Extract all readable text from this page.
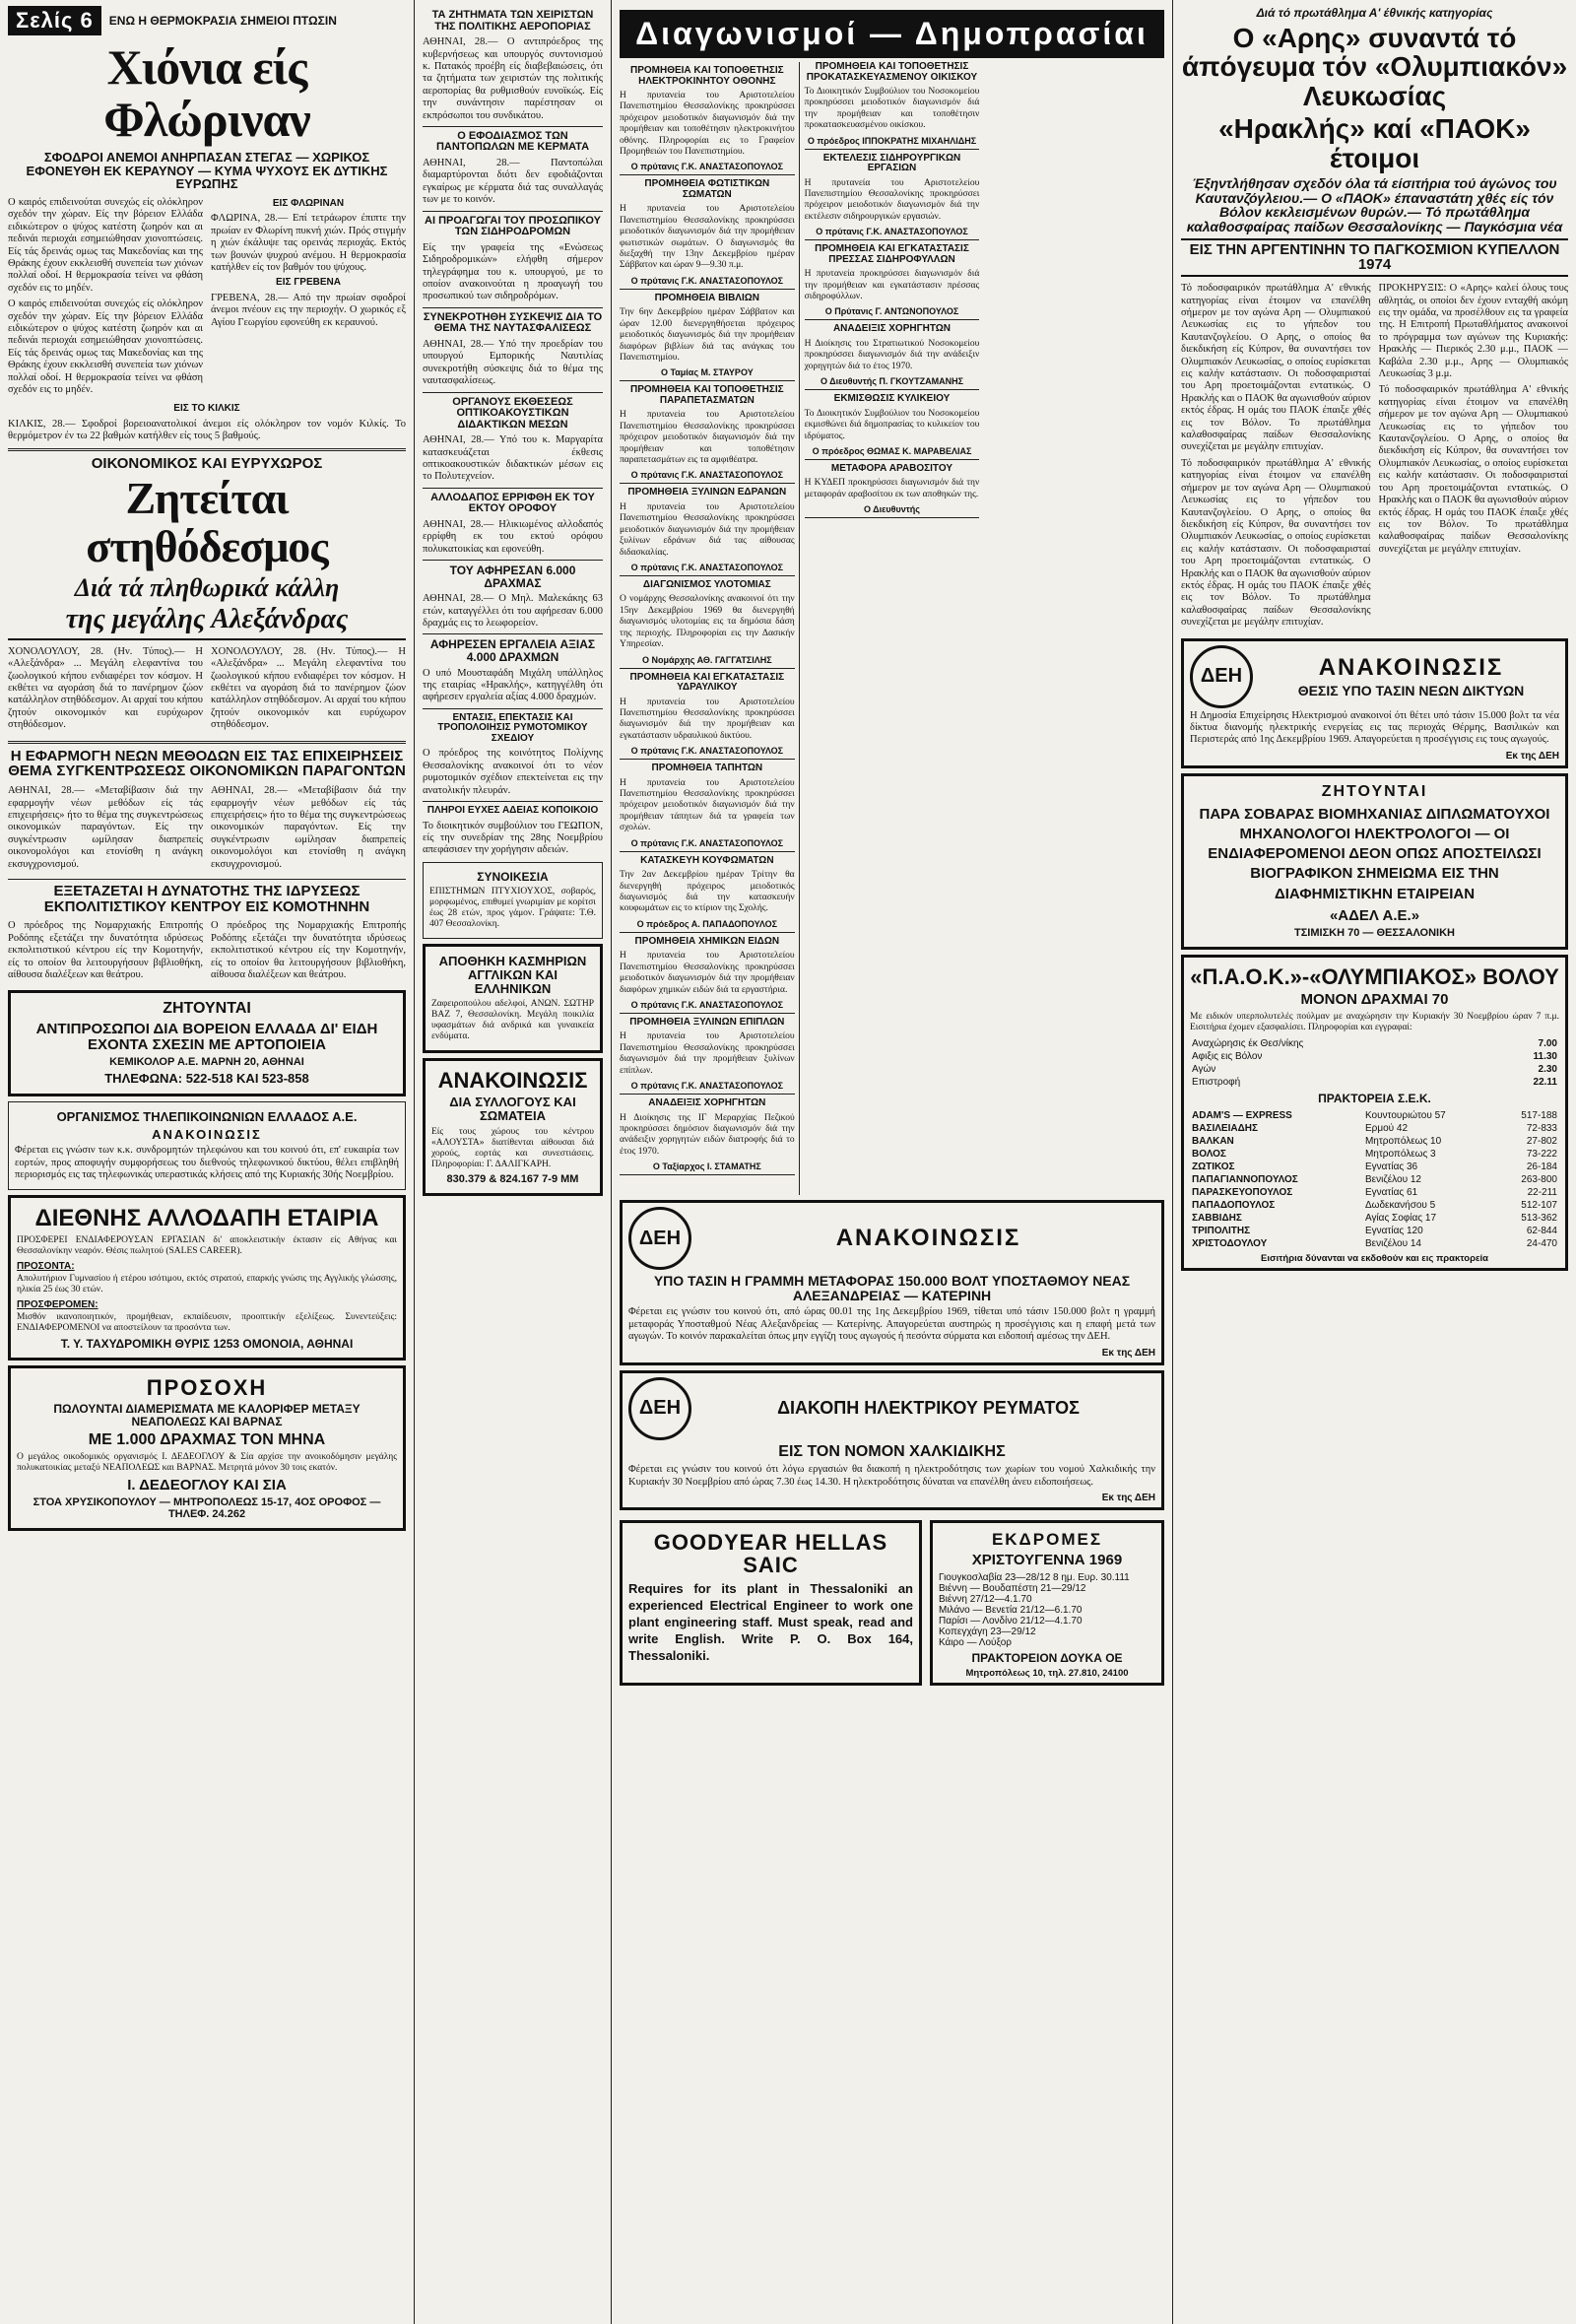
Σελίς 6	ΕΝΩ Η ΘΕΡΜΟΚΡΑΣΙΑ ΣΗΜΕΙΟΙ ΠΤΩΣΙΝ
Χιόνια είς Φλώριναν
ΣΦΟΔΡΟΙ ΑΝΕΜΟΙ ΑΝΗΡΠΑΣΑΝ ΣΤΕΓΑΣ — ΧΩΡΙΚΟΣ ΕΦΟΝΕΥΘΗ ΕΚ ΚΕΡΑΥΝΟΥ — ΚΥΜΑ ΨΥΧΟΥΣ ΕΚ ΔΥΤΙΚΗΣ ΕΥΡΩΠΗΣ

Ο καιρός επιδεινούται συνεχώς είς ολόκληρον σχεδόν την χώραν. Είς την βόρειον Ελλάδα ειδικώτερον ο ψύχος κατέστη ζωηρόν και αι πεδινάι περιοχάι εσημειώθησαν χιονοπτώσεις. Είς τάς δρεινάς ομως τας Μακεδονίας και της Θράκης έχουν εκκλεισθή συνεπεία των χιόνων πολλαί οδοί. Η θερμοκρασία τείνει να φθάση σχεδόν εις το μηδέν.

Ο καιρός επιδεινούται συνεχώς είς ολόκληρον σχεδόν την χώραν. Είς την βόρειον Ελλάδα ειδικώτερον ο ψύχος κατέστη ζωηρόν και αι πεδινάι περιοχάι εσημειώθησαν χιονοπτώσεις. Είς τάς δρεινάς ομως τας Μακεδονίας και της Θράκης έχουν εκκλεισθή συνεπεία των χιόνων πολλαί οδοί. Η θερμοκρασία τείνει να φθάση σχεδόν εις το μηδέν.

ΕΙΣ ΦΛΩΡΙΝΑΝ

ΦΛΩΡΙΝΑ, 28.— Επί τετράωρον έπιπτε την πρωίαν εν Φλωρίνη πυκνή χιών. Πρός στιγμήν η χιών έκάλυψε τας ορεινάς περιοχάς. Εκτός των βουνών ψυχρού ανέμου. Η θερμοκρασία κατήλθεν είς τον βαθμόν του ψύχους.

ΕΙΣ ΓΡΕΒΕΝΑ

ΓΡΕΒΕΝΑ, 28.— Από την πρωίαν σφοδροί άνεμοι πνέουν εις την περιοχήν. Ο χωρικός εξ Αγίου Γεωργίου εφονεύθη εκ κεραυνού.

ΕΙΣ ΤΟ ΚΙΛΚΙΣ

ΚΙΛΚΙΣ, 28.— Σφοδροί βορειοανατολικοί άνεμοι είς ολόκληρον τον νομόν Κιλκίς. Το θερμόμετρον έν τω 22 βαθμών κατήλθεν είς τους 5 βαθμούς.

ΟΙΚΟΝΟΜΙΚΟΣ ΚΑΙ ΕΥΡΥΧΩΡΟΣ
Ζητείται στηθόδεσμος
Διά τά πληθωρικά κάλλη
της μεγάλης Αλεξάνδρας

ΧΟΝΟΛΟΥΛΟΥ, 28. (Ην. Τύπος).— Η «Αλεξάνδρα» ... Μεγάλη ελεφαντίνα του ζωολογικού κήπου ενδιαφέρει τον κόσμον. Η εκθέτει να αγοράση διά το πανέρημον ζώον κατάλληλον στηθόδεσμον. Αι αρχαί του κήπου ζητούν οικονομικόν και ευρύχωρον στηθόδεσμον.

ΧΟΝΟΛΟΥΛΟΥ, 28. (Ην. Τύπος).— Η «Αλεξάνδρα» ... Μεγάλη ελεφαντίνα του ζωολογικού κήπου ενδιαφέρει τον κόσμον. Η εκθέτει να αγοράση διά το πανέρημον ζώον κατάλληλον στηθόδεσμον. Αι αρχαί του κήπου ζητούν οικονομικόν και ευρύχωρον στηθόδεσμον.

Η ΕΦΑΡΜΟΓΗ ΝΕΩΝ ΜΕΘΟΔΩΝ ΕΙΣ ΤΑΣ ΕΠΙΧΕΙΡΗΣΕΙΣ ΘΕΜΑ ΣΥΓΚΕΝΤΡΩΣΕΩΣ ΟΙΚΟΝΟΜΙΚΩΝ ΠΑΡΑΓΟΝΤΩΝ

ΑΘΗΝΑΙ, 28.— «Μεταβίβασιν διά την εφαρμογήν νέων μεθόδων είς τάς επιχειρήσεις» ήτο το θέμα της συγκεντρώσεως οικονομικών παραγόντων. Είς την συγκέντρωσιν ωμίλησαν διαπρεπείς οικονομολόγοι και ετονίσθη η ανάγκη εκσυγχρονισμού.

ΑΘΗΝΑΙ, 28.— «Μεταβίβασιν διά την εφαρμογήν νέων μεθόδων είς τάς επιχειρήσεις» ήτο το θέμα της συγκεντρώσεως οικονομικών παραγόντων. Είς την συγκέντρωσιν ωμίλησαν διαπρεπείς οικονομολόγοι και ετονίσθη η ανάγκη εκσυγχρονισμού.

ΕΞΕΤΑΖΕΤΑΙ Η ΔΥΝΑΤΟΤΗΣ ΤΗΣ ΙΔΡΥΣΕΩΣ ΕΚΠΟΛΙΤΙΣΤΙΚΟΥ ΚΕΝΤΡΟΥ ΕΙΣ ΚΟΜΟΤΗΝΗΝ

Ο πρόεδρος της Νομαρχιακής Επιτροπής Ροδόπης εξετάζει την δυνατότητα ιδρύσεως εκπολιτιστικού κέντρου είς την Κομοτηνήν, είς το οποίον θα λειτουργήσουν βιβλιοθήκη, αίθουσα διαλέξεων και θεάτρου.

Ο πρόεδρος της Νομαρχιακής Επιτροπής Ροδόπης εξετάζει την δυνατότητα ιδρύσεως εκπολιτιστικού κέντρου είς την Κομοτηνήν, είς το οποίον θα λειτουργήσουν βιβλιοθήκη, αίθουσα διαλέξεων και θεάτρου.

ΖΗΤΟΥΝΤΑΙ
ΑΝΤΙΠΡΟΣΩΠΟΙ ΔΙΑ ΒΟΡΕΙΟΝ ΕΛΛΑΔΑ ΔΙ' ΕΙΔΗ ΕΧΟΝΤΑ ΣΧΕΣΙΝ ΜΕ ΑΡΤΟΠΟΙΕΙΑ
ΚΕΜΙΚΟΛΟΡ Α.Ε. ΜΑΡΝΗ 20, ΑΘΗΝΑΙ
ΤΗΛΕΦΩΝΑ: 522-518 ΚΑΙ 523-858
ΟΡΓΑΝΙΣΜΟΣ ΤΗΛΕΠΙΚΟΙΝΩΝΙΩΝ ΕΛΛΑΔΟΣ Α.Ε.
ΑΝΑΚΟΙΝΩΣΙΣ

Φέρεται εις γνώσιν των κ.κ. συνδρομητών τηλεφώνου και του κοινού ότι, επ' ευκαιρία των εορτών, προς αποφυγήν συμφορήσεως του διεθνούς τηλεφωνικού δικτύου, θέλει επιβληθή περιορισμός εις τας τηλεφωνικάς υπεραστικάς κλήσεις από της Κυριακής 30ής Νοεμβρίου.

ΔΙΕΘΝΗΣ ΑΛΛΟΔΑΠΗ ΕΤΑΙΡΙΑ

ΠΡΟΣΦΕΡΕΙ ΕΝΔΙΑΦΕΡΟΥΣΑΝ ΕΡΓΑΣΙΑΝ δι' αποκλειστικήν έκτασιν είς Αθήνας και Θεσσαλονίκην νεαρόν. Θέσις πωλητού (SALES CAREER).

ΠΡΟΣΟΝΤΑ:

Απολυτήριον Γυμνασίου ή ετέρου ισότιμου, εκτός στρατού, επαρκής γνώσις της Αγγλικής γλώσσης, ηλικία 25 έως 30 ετών.

ΠΡΟΣΦΕΡΟΜΕΝ:

Μισθόν ικανοποιητικόν, προμήθειαν, εκπαίδευσιν, προοπτικήν εξελίξεως. Συνεντεύξεις: ΕΝΔΙΑΦΕΡΟΜΕΝΟΙ να αποστείλουν τα προσόντα των.

Τ. Υ. ΤΑΧΥΔΡΟΜΙΚΗ ΘΥΡΙΣ 1253 ΟΜΟΝΟΙΑ, ΑΘΗΝΑΙ
ΠΡΟΣΟΧΗ
ΠΩΛΟΥΝΤΑΙ ΔΙΑΜΕΡΙΣΜΑΤΑ ΜΕ ΚΑΛΟΡΙΦΕΡ ΜΕΤΑΞΥ ΝΕΑΠΟΛΕΩΣ ΚΑΙ ΒΑΡΝΑΣ
ΜΕ 1.000 ΔΡΑΧΜΑΣ ΤΟΝ ΜΗΝΑ

Ο μεγάλος οικοδομικός οργανισμός Ι. ΔΕΔΕΟΓΛΟΥ & Σία αρχίσε την ανοικοδόμησιν μεγάλης πολυκατοικίας μεταξύ ΝΕΑΠΟΛΕΩΣ και ΒΑΡΝΑΣ. Μετρητά μόνον 30 τοις εκατόν.

Ι. ΔΕΔΕΟΓΛΟΥ ΚΑΙ ΣΙΑ
ΣΤΟΑ ΧΡΥΣΙΚΟΠΟΥΛΟΥ — ΜΗΤΡΟΠΟΛΕΩΣ 15-17, 4ΟΣ ΟΡΟΦΟΣ — ΤΗΛΕΦ. 24.262
ΤΑ ΖΗΤΗΜΑΤΑ ΤΩΝ ΧΕΙΡΙΣΤΩΝ ΤΗΣ ΠΟΛΙΤΙΚΗΣ ΑΕΡΟΠΟΡΙΑΣ

ΑΘΗΝΑΙ, 28.— Ο αντιπρόεδρος της κυβερνήσεως και υπουργός συντονισμού κ. Πατακός προέβη είς διαβεβαιώσεις, ότι τα ζητήματα των χειριστών της πολιτικής αεροπορίας θα ρυθμισθούν ευνοϊκώς. Είς την συνάντησιν παρέστησαν οι εκπρόσωποι του συνδικάτου.

Ο ΕΦΟΔΙΑΣΜΟΣ ΤΩΝ ΠΑΝΤΟΠΩΛΩΝ ΜΕ ΚΕΡΜΑΤΑ

ΑΘΗΝΑΙ, 28.— Παντοπώλαι διαμαρτύρονται διότι δεν εφοδιάζονται εγκαίρως με κέρματα διά τας συναλλαγάς των με το κοινόν.

ΑΙ ΠΡΟΑΓΩΓΑΙ ΤΟΥ ΠΡΟΣΩΠΙΚΟΥ ΤΩΝ ΣΙΔΗΡΟΔΡΟΜΩΝ

Είς την γραφεία της «Ενώσεως Σιδηροδρομικών» ελήφθη σήμερον τηλεγράφημα του κ. υπουργού, με το οποίον ανακοινούται η προαγωγή του προσωπικού των σιδηροδρόμων.

ΣΥΝΕΚΡΟΤΗΘΗ ΣΥΣΚΕΨΙΣ ΔΙΑ ΤΟ ΘΕΜΑ ΤΗΣ ΝΑΥΤΑΣΦΑΛΙΣΕΩΣ

ΑΘΗΝΑΙ, 28.— Υπό την προεδρίαν του υπουργού Εμπορικής Ναυτιλίας συνεκροτήθη σύσκεψις διά το θέμα της ναυτασφαλίσεως.

ΟΡΓΑΝΟΥΣ ΕΚΘΕΣΕΩΣ ΟΠΤΙΚΟΑΚΟΥΣΤΙΚΩΝ ΔΙΔΑΚΤΙΚΩΝ ΜΕΣΩΝ

ΑΘΗΝΑΙ, 28.— Υπό του κ. Μαργαρίτα κατασκευάζεται έκθεσις οπτικοακουστικών διδακτικών μέσων εις το Πολυτεχνείον.

ΑΛΛΟΔΑΠΟΣ ΕΡΡΙΦΘΗ ΕΚ ΤΟΥ ΕΚΤΟΥ ΟΡΟΦΟΥ

ΑΘΗΝΑΙ, 28.— Ηλικιωμένος αλλοδαπός ερρίφθη εκ του εκτού ορόφου πολυκατοικίας και εφονεύθη.

ΤΟΥ ΑΦΗΡΕΣΑΝ 6.000 ΔΡΑΧΜΑΣ

ΑΘΗΝΑΙ, 28.— Ο Μηλ. Μαλεκάκης 63 ετών, καταγγέλλει ότι του αφήρεσαν 6.000 δραχμάς εις το λεωφορείον.

ΑΦΗΡΕΣΕΝ ΕΡΓΑΛΕΙΑ ΑΞΙΑΣ 4.000 ΔΡΑΧΜΩΝ

Ο υπό Μουσταφάδη Μιχάλη υπάλληλος της εταιρίας «Ηρακλής», κατηγγέλθη ότι αφήρεσεν εργαλεία αξίας 4.000 δραχμών.

ΕΝΤΑΣΙΣ, ΕΠΕΚΤΑΣΙΣ ΚΑΙ ΤΡΟΠΟΛΟΙΗΣΙΣ ΡΥΜΟΤΟΜΙΚΟΥ ΣΧΕΔΙΟΥ

Ο πρόεδρος της κοινότητος Πολίχνης Θεσσαλονίκης ανακοινοί ότι το νέον ρυμοτομικόν σχέδιον επεκτείνεται εις την ανατολικήν πλευράν.

ΠΛΗΡΟΙ ΕΥΧΕΣ ΑΔΕΙΑΣ ΚΟΠΟΙΚΟΙΟ

Το διοικητικόν συμβούλιον του ΓΕΩΠΟΝ, είς την συνεδρίαν της 28ης Νοεμβρίου απεφάσισεν την χορήγησιν αδειών.

ΣΥΝΟΙΚΕΣΙΑ

ΕΠΙΣΤΗΜΩΝ ΠΤΥΧΙΟΥΧΟΣ, σοβαρός, μορφωμένος, επιθυμεί γνωριμίαν με κορίτσι έως 28 ετών, προς γάμον. Γράψατε: Τ.Θ. 407 Θεσσαλονίκη.

ΑΠΟΘΗΚΗ ΚΑΣΜΗΡΙΩΝ ΑΓΓΛΙΚΩΝ ΚΑΙ ΕΛΛΗΝΙΚΩΝ

Ζαφειροπούλου αδελφοί, ΑΝΩΝ. ΣΩΤΗΡ ΒΑΖ 7, Θεσσαλονίκη. Μεγάλη ποικιλία υφασμάτων διά ανδρικά και γυναικεία ενδύματα.

ΑΝΑΚΟΙΝΩΣΙΣ
ΔΙΑ ΣΥΛΛΟΓΟΥΣ ΚΑΙ ΣΩΜΑΤΕΙΑ

Είς τους χώρους του κέντρου «ΑΛΟΥΣΤΑ» διατίθενται αίθουσαι διά χορούς, εορτάς και συνεστιάσεις. Πληροφορίαι: Γ. ΔΑΛΙΓΚΑΡΗ.

830.379 & 824.167 7-9 ΜΜ
Διαγωνισμοί — Δημοπρασίαι
ΠΡΟΜΗΘΕΙΑ ΚΑΙ ΤΟΠΟΘΕΤΗΣΙΣ ΗΛΕΚΤΡΟΚΙΝΗΤΟΥ ΟΘΟΝΗΣ

Η πρυτανεία του Αριστοτελείου Πανεπιστημίου Θεσσαλονίκης προκηρύσσει πρόχειρον μειοδοτικόν διαγωνισμόν διά την προμήθειαν και τοποθέτησιν ηλεκτροκινήτου οθόνης. Πληροφορίαι εις το Γραφείον Προμηθειών του Πανεπιστημίου.

Ο πρύτανις Γ.Κ. ΑΝΑΣΤΑΣΟΠΟΥΛΟΣ
ΠΡΟΜΗΘΕΙΑ ΦΩΤΙΣΤΙΚΩΝ ΣΩΜΑΤΩΝ

Η πρυτανεία του Αριστοτελείου Πανεπιστημίου Θεσσαλονίκης προκηρύσσει μειοδοτικόν διαγωνισμόν διά την προμήθειαν φωτιστικών σωμάτων. Ο διαγωνισμός θα διεξαχθή την 13ην Δεκεμβρίου ημέραν Σάββατον και ώραν 9—9.30 π.μ.

Ο πρύτανις Γ.Κ. ΑΝΑΣΤΑΣΟΠΟΥΛΟΣ
ΠΡΟΜΗΘΕΙΑ ΒΙΒΛΙΩΝ

Την 6ην Δεκεμβρίου ημέραν Σάββατον και ώραν 12.00 διενεργηθήσεται πρόχειρος μειοδοτικός διαγωνισμός διά την προμήθειαν διαφόρων βιβλίων διά τας ανάγκας του Πανεπιστημίου.

Ο Ταμίας Μ. ΣΤΑΥΡΟΥ
ΠΡΟΜΗΘΕΙΑ ΚΑΙ ΤΟΠΟΘΕΤΗΣΙΣ ΠΑΡΑΠΕΤΑΣΜΑΤΩΝ

Η πρυτανεία του Αριστοτελείου Πανεπιστημίου Θεσσαλονίκης προκηρύσσει πρόχειρον μειοδοτικόν διαγωνισμόν διά την προμήθειαν και τοποθέτησιν παραπετασμάτων εις τα αμφιθέατρα.

Ο πρύτανις Γ.Κ. ΑΝΑΣΤΑΣΟΠΟΥΛΟΣ
ΠΡΟΜΗΘΕΙΑ ΞΥΛΙΝΩΝ ΕΔΡΑΝΩΝ

Η πρυτανεία του Αριστοτελείου Πανεπιστημίου Θεσσαλονίκης προκηρύσσει μειοδοτικόν διαγωνισμόν διά την προμήθειαν ξυλίνων εδράνων διά τας αίθουσας διδασκαλίας.

Ο πρύτανις Γ.Κ. ΑΝΑΣΤΑΣΟΠΟΥΛΟΣ
ΔΙΑΓΩΝΙΣΜΟΣ ΥΛΟΤΟΜΙΑΣ

Ο νομάρχης Θεσσαλονίκης ανακοινοί ότι την 15ην Δεκεμβρίου 1969 θα διενεργηθή διαγωνισμός υλοτομίας εις τα δημόσια δάση της περιοχής. Πληροφορίαι εις την Δασικήν Υπηρεσίαν.

Ο Νομάρχης ΑΘ. ΓΑΓΓΑΤΣΙΛΗΣ
ΠΡΟΜΗΘΕΙΑ ΚΑΙ ΕΓΚΑΤΑΣΤΑΣΙΣ ΥΔΡΑΥΛΙΚΟΥ

Η πρυτανεία του Αριστοτελείου Πανεπιστημίου Θεσσαλονίκης προκηρύσσει διαγωνισμόν διά την προμήθειαν και εγκατάστασιν υδραυλικού δικτύου.

Ο πρύτανις Γ.Κ. ΑΝΑΣΤΑΣΟΠΟΥΛΟΣ
ΠΡΟΜΗΘΕΙΑ ΤΑΠΗΤΩΝ

Η πρυτανεία του Αριστοτελείου Πανεπιστημίου Θεσσαλονίκης προκηρύσσει πρόχειρον μειοδοτικόν διαγωνισμόν διά την προμήθειαν τάπητων διά τα γραφεία των σχολών.

Ο πρύτανις Γ.Κ. ΑΝΑΣΤΑΣΟΠΟΥΛΟΣ
ΚΑΤΑΣΚΕΥΗ ΚΟΥΦΩΜΑΤΩΝ

Την 2αν Δεκεμβρίου ημέραν Τρίτην θα διενεργηθή πρόχειρος μειοδοτικός διαγωνισμός διά την κατασκευήν κουφωμάτων εις το κτίριον της Σχολής.

Ο πρόεδρος Α. ΠΑΠΑΔΟΠΟΥΛΟΣ
ΠΡΟΜΗΘΕΙΑ ΧΗΜΙΚΩΝ ΕΙΔΩΝ

Η πρυτανεία του Αριστοτελείου Πανεπιστημίου Θεσσαλονίκης προκηρύσσει μειοδοτικόν διαγωνισμόν διά την προμήθειαν διαφόρων χημικών ειδών διά τα εργαστήρια.

Ο πρύτανις Γ.Κ. ΑΝΑΣΤΑΣΟΠΟΥΛΟΣ
ΠΡΟΜΗΘΕΙΑ ΞΥΛΙΝΩΝ ΕΠΙΠΛΩΝ

Η πρυτανεία του Αριστοτελείου Πανεπιστημίου Θεσσαλονίκης προκηρύσσει διαγωνισμόν διά την προμήθειαν ξυλίνων επίπλων.

Ο πρύτανις Γ.Κ. ΑΝΑΣΤΑΣΟΠΟΥΛΟΣ
ΑΝΑΔΕΙΞΙΣ ΧΟΡΗΓΗΤΩΝ

Η Διοίκησις της ΙΓ Μεραρχίας Πεζικού προκηρύσσει δημόσιον διαγωνισμόν διά την ανάδειξιν χορηγητών ειδών διατροφής διά το έτος 1970.

Ο Ταξίαρχος Ι. ΣΤΑΜΑΤΗΣ
ΠΡΟΜΗΘΕΙΑ ΚΑΙ ΤΟΠΟΘΕΤΗΣΙΣ ΠΡΟΚΑΤΑΣΚΕΥΑΣΜΕΝΟΥ ΟΙΚΙΣΚΟΥ

Το Διοικητικόν Συμβούλιον του Νοσοκομείου προκηρύσσει μειοδοτικόν διαγωνισμόν διά την προμήθειαν και τοποθέτησιν προκατασκευασμένου οικίσκου.

Ο πρόεδρος ΙΠΠΟΚΡΑΤΗΣ ΜΙΧΑΗΛΙΔΗΣ
ΕΚΤΕΛΕΣΙΣ ΣΙΔΗΡΟΥΡΓΙΚΩΝ ΕΡΓΑΣΙΩΝ

Η πρυτανεία του Αριστοτελείου Πανεπιστημίου Θεσσαλονίκης προκηρύσσει πρόχειρον μειοδοτικόν διαγωνισμόν διά την εκτέλεσιν σιδηρουργικών εργασιών.

Ο πρύτανις Γ.Κ. ΑΝΑΣΤΑΣΟΠΟΥΛΟΣ
ΠΡΟΜΗΘΕΙΑ ΚΑΙ ΕΓΚΑΤΑΣΤΑΣΙΣ ΠΡΕΣΣΑΣ ΣΙΔΗΡΟΦΥΛΛΩΝ

Η πρυτανεία προκηρύσσει διαγωνισμόν διά την προμήθειαν και εγκατάστασιν πρέσσας σιδηροφύλλων.

Ο Πρύτανις Γ. ΑΝΤΩΝΟΠΟΥΛΟΣ
ΑΝΑΔΕΙΞΙΣ ΧΟΡΗΓΗΤΩΝ

Η Διοίκησις του Στρατιωτικού Νοσοκομείου προκηρύσσει διαγωνισμόν διά την ανάδειξιν χορηγητών διά το έτος 1970.

Ο Διευθυντής Π. ΓΚΟΥΤΖΑΜΑΝΗΣ
ΕΚΜΙΣΘΩΣΙΣ ΚΥΛΙΚΕΙΟΥ

Το Διοικητικόν Συμβούλιον του Νοσοκομείου εκμισθώνει διά δημοπρασίας το κυλικείον του ιδρύματος.

Ο πρόεδρος ΘΩΜΑΣ Κ. ΜΑΡΑΒΕΛΙΑΣ
ΜΕΤΑΦΟΡΑ ΑΡΑΒΟΣΙΤΟΥ

Η ΚΥΔΕΠ προκηρύσσει διαγωνισμόν διά την μεταφοράν αραβοσίτου εκ των αποθηκών της.

Ο Διευθυντής
ΔΕΗ	ΑΝΑΚΟΙΝΩΣΙΣ
ΥΠΟ ΤΑΣΙΝ Η ΓΡΑΜΜΗ ΜΕΤΑΦΟΡΑΣ 150.000 ΒΟΛΤ ΥΠΟΣΤΑΘΜΟΥ ΝΕΑΣ ΑΛΕΞΑΝΔΡΕΙΑΣ — ΚΑΤΕΡΙΝΗ

Φέρεται εις γνώσιν του κοινού ότι, από ώρας 00.01 της 1ης Δεκεμβρίου 1969, τίθεται υπό τάσιν 150.000 βολτ η γραμμή μεταφοράς Υποσταθμού Νέας Αλεξανδρείας — Κατερίνης. Απαγορεύεται αυστηρώς η προσέγγισις και η επαφή μετά των αγωγών. Το κοινόν παρακαλείται όπως μην εγγίζη τους αγωγούς ή πεσόντα σύρματα και ειδοποιή αμέσως την ΔΕΗ.

Εκ της ΔΕΗ
ΔΕΗ	ΔΙΑΚΟΠΗ ΗΛΕΚΤΡΙΚΟΥ ΡΕΥΜΑΤΟΣ
ΕΙΣ ΤΟΝ ΝΟΜΟΝ ΧΑΛΚΙΔΙΚΗΣ

Φέρεται εις γνώσιν του κοινού ότι λόγω εργασιών θα διακοπή η ηλεκτροδότησις των χωρίων του νομού Χαλκιδικής την Κυριακήν 30 Νοεμβρίου από ώρας 7.30 έως 14.30. Η ηλεκτροδότησις δύναται να επανέλθη άνευ ειδοποιήσεως.

Εκ της ΔΕΗ
GOODYEAR HELLAS SAIC

Requires for its plant in Thessaloniki an experienced Electrical Engineer to work one plant engineering staff. Must speak, read and write English. Write P. O. Box 164, Thessaloniki.

ΕΚΔΡΟΜΕΣ
ΧΡΙΣΤΟΥΓΕΝΝΑ 1969
Γιουγκοσλαβία 23—28/12 8 ημ. Ευρ. 30.111
Βιέννη — Βουδαπέστη 21—29/12
Βιέννη 27/12—4.1.70
Μιλάνο — Βενετία 21/12—6.1.70
Παρίσι — Λονδίνο 21/12—4.1.70
Κοπεγχάγη 23—29/12
Κάιρο — Λούξορ
ΠΡΑΚΤΟΡΕΙΟΝ ΔΟΥΚΑ ΟΕ
Μητροπόλεως 10, τηλ. 27.810, 24100
Διά τό πρωτάθλημα Α' έθνικής κατηγορίας
Ο «Αρης» συναντά τό άπόγευμα τόν «Ολυμπιακόν» Λευκωσίας
«Ηρακλής» καί «ΠΑΟΚ» έτοιμοι
Έξηντλήθησαν σχεδόν όλα τά είσιτήρια τού άγώνος του Καυτανζόγλειου.— Ο «ΠΑΟΚ» έπαναστάτη χθές είς τόν Βόλον κεκλεισμένων θυρών.— Τό πρωτάθλημα καλαθοσφαίρας παίδων Θεσσαλονίκης — Παγκόσμια νέα
ΕΙΣ ΤΗΝ ΑΡΓΕΝΤΙΝΗΝ ΤΟ ΠΑΓΚΟΣΜΙΟΝ ΚΥΠΕΛΛΟΝ 1974

Τό ποδοσφαιρικόν πρωτάθλημα Α' εθνικής κατηγορίας είναι έτοιμον να επανέλθη σήμερον με τον αγώνα Αρη — Ολυμπιακού Λευκωσίας εις το γήπεδον του Καυτανζογλείου. Ο Αρης, ο οποίος θα διεκδικήση είς Κύπρον, θα συναντήσει τον Ολυμπιακόν Λευκωσίας, ο οποίος ευρίσκεται εις καλήν κατάστασιν. Οι ποδοσφαιρισταί του Αρη προετοιμάζονται εντατικώς. Ο Ηρακλής και ο ΠΑΟΚ θα αγωνισθούν αύριον εκτός έδρας. Η ομάς του ΠΑΟΚ έπαιξε χθές εις τον Βόλον. Το πρωτάθλημα καλαθοσφαίρας παίδων Θεσσαλονίκης συνεχίζεται με μεγάλην επιτυχίαν.

Τό ποδοσφαιρικόν πρωτάθλημα Α' εθνικής κατηγορίας είναι έτοιμον να επανέλθη σήμερον με τον αγώνα Αρη — Ολυμπιακού Λευκωσίας εις το γήπεδον του Καυτανζογλείου. Ο Αρης, ο οποίος θα διεκδικήση είς Κύπρον, θα συναντήσει τον Ολυμπιακόν Λευκωσίας, ο οποίος ευρίσκεται εις καλήν κατάστασιν. Οι ποδοσφαιρισταί του Αρη προετοιμάζονται εντατικώς. Ο Ηρακλής και ο ΠΑΟΚ θα αγωνισθούν αύριον εκτός έδρας. Η ομάς του ΠΑΟΚ έπαιξε χθές εις τον Βόλον. Το πρωτάθλημα καλαθοσφαίρας παίδων Θεσσαλονίκης συνεχίζεται με μεγάλην επιτυχίαν.

ΠΡΟΚΗΡΥΞΙΣ: Ο «Αρης» καλεί όλους τους αθλητάς, οι οποίοι δεν έχουν ενταχθή ακόμη εις την ομάδα, να προσέλθουν εις τα γραφεία της. Η Επιτροπή Πρωταθλήματος ανακοινοί το πρόγραμμα των αγώνων της Κυριακής: Ηρακλής — Πιερικός 2.30 μ.μ., ΠΑΟΚ — Καβάλα 2.30 μ.μ., Αρης — Ολυμπιακός Λευκωσίας 3 μ.μ.

Τό ποδοσφαιρικόν πρωτάθλημα Α' εθνικής κατηγορίας είναι έτοιμον να επανέλθη σήμερον με τον αγώνα Αρη — Ολυμπιακού Λευκωσίας εις το γήπεδον του Καυτανζογλείου. Ο Αρης, ο οποίος θα διεκδικήση είς Κύπρον, θα συναντήσει τον Ολυμπιακόν Λευκωσίας, ο οποίος ευρίσκεται εις καλήν κατάστασιν. Οι ποδοσφαιρισταί του Αρη προετοιμάζονται εντατικώς. Ο Ηρακλής και ο ΠΑΟΚ θα αγωνισθούν αύριον εκτός έδρας. Η ομάς του ΠΑΟΚ έπαιξε χθές εις τον Βόλον. Το πρωτάθλημα καλαθοσφαίρας παίδων Θεσσαλονίκης συνεχίζεται με μεγάλην επιτυχίαν.

ΔΕΗ	ΑΝΑΚΟΙΝΩΣΙΣ
ΘΕΣΙΣ ΥΠΟ ΤΑΣΙΝ ΝΕΩΝ ΔΙΚΤΥΩΝ

Η Δημοσία Επιχείρησις Ηλεκτρισμού ανακοινοί ότι θέτει υπό τάσιν 15.000 βολτ τα νέα δίκτυα διανομής ηλεκτρικής ενεργείας εις τας περιοχάς Θέρμης, Βασιλικών και Περιστεράς από 1ης Δεκεμβρίου 1969. Απαγορεύεται η προσέγγισις εις τους αγωγούς.

Εκ της ΔΕΗ
ΖΗΤΟΥΝΤΑΙ
ΠΑΡΑ ΣΟΒΑΡΑΣ ΒΙΟΜΗΧΑΝΙΑΣ ΔΙΠΛΩΜΑΤΟΥΧΟΙ ΜΗΧΑΝΟΛΟΓΟΙ ΗΛΕΚΤΡΟΛΟΓΟΙ — ΟΙ ΕΝΔΙΑΦΕΡΟΜΕΝΟΙ ΔΕΟΝ ΟΠΩΣ ΑΠΟΣΤΕΙΛΩΣΙ ΒΙΟΓΡΑΦΙΚΟΝ ΣΗΜΕΙΩΜΑ ΕΙΣ ΤΗΝ ΔΙΑΦΗΜΙΣΤΙΚΗΝ ΕΤΑΙΡΕΙΑΝ
«ΑΔΕΛ Α.Ε.»
ΤΣΙΜΙΣΚΗ 70 — ΘΕΣΣΑΛΟΝΙΚΗ
«Π.Α.Ο.Κ.»-«ΟΛΥΜΠΙΑΚΟΣ» ΒΟΛΟΥ
ΜΟΝΟΝ ΔΡΑΧΜΑΙ 70

Με ειδικόν υπερπολυτελές πούλμαν με αναχώρησιν την Κυριακήν 30 Νοεμβρίου ώραν 7 π.μ. Εισιτήρια έχομεν εξασφαλίσει. Πληροφορίαι και εγγραφαί:

Αναχώρησις έκ Θεσ/νίκης	7.00
Αφιξις εις Βόλον	11.30
Αγών	2.30
Επιστροφή	22.11
ΠΡΑΚΤΟΡΕΙΑ Σ.Ε.Κ.
ADAM'S — EXPRESS	Κουντουριώτου 57	517-188
ΒΑΣΙΛΕΙΑΔΗΣ	Ερμού 42	72-833
ΒΑΛΚΑΝ	Μητροπόλεως 10	27-802
ΒΟΛΟΣ	Μητροπόλεως 3	73-222
ΖΩΤΙΚΟΣ	Εγνατίας 36	26-184
ΠΑΠΑΓΙΑΝΝΟΠΟΥΛΟΣ	Βενιζέλου 12	263-800
ΠΑΡΑΣΚΕΥΟΠΟΥΛΟΣ	Εγνατίας 61	22-211
ΠΑΠΑΔΟΠΟΥΛΟΣ	Δωδεκανήσου 5	512-107
ΣΑΒΒΙΔΗΣ	Αγίας Σοφίας 17	513-362
ΤΡΙΠΟΛΙΤΗΣ	Εγνατίας 120	62-844
ΧΡΙΣΤΟΔΟΥΛΟΥ	Βενιζέλου 14	24-470
Εισιτήρια δύνανται να εκδοθούν και εις πρακτορεία
